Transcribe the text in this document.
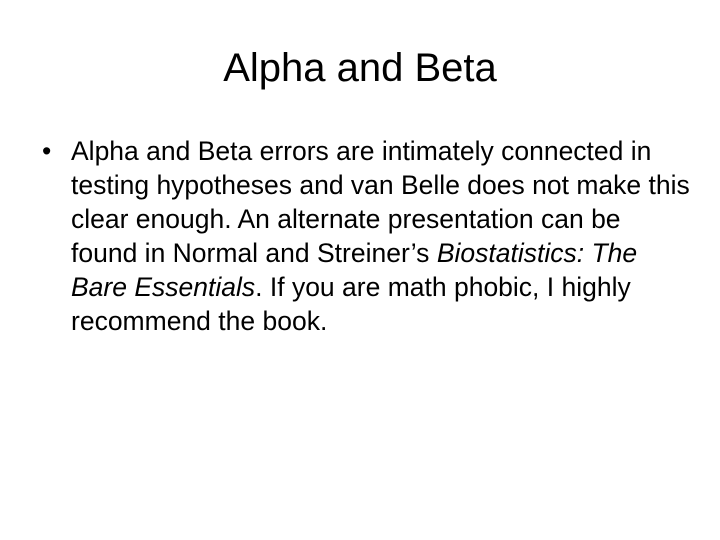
Alpha and Beta
• Alpha and Beta errors are intimately connected in testing hypotheses and van Belle does not make this clear enough. An alternate presentation can be found in Normal and Streiner’s Biostatistics: The Bare Essentials. If you are math phobic, I highly recommend the book.
